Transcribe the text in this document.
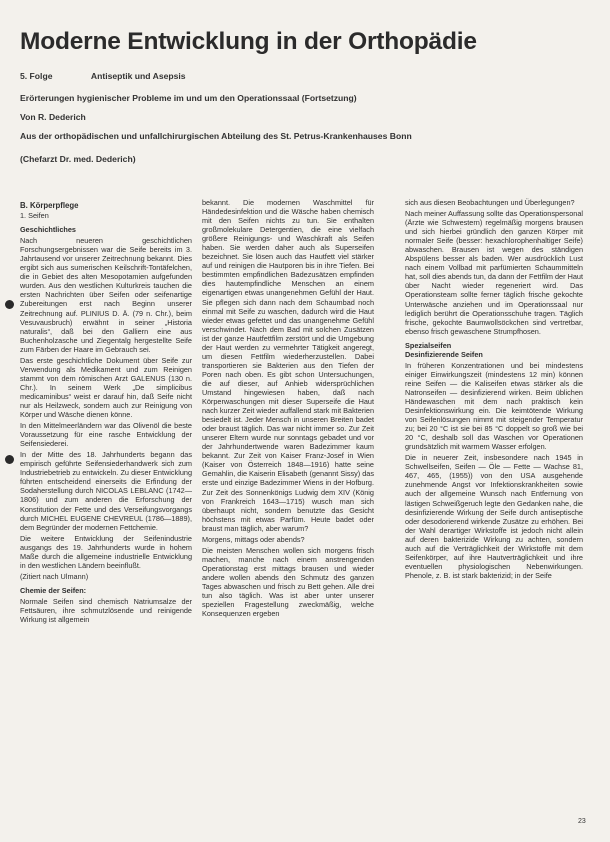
Moderne Entwicklung in der Orthopädie
5. Folge	Antiseptik und Asepsis
Erörterungen hygienischer Probleme im und um den Operationssaal (Fortsetzung)
Von R. Dederich
Aus der orthopädischen und unfallchirurgischen Abteilung des St. Petrus-Krankenhauses Bonn
(Chefarzt Dr. med. Dederich)
B. Körperpflege
1. Seifen
Geschichtliches

Nach neueren geschichtlichen Forschungsergebnissen war die Seife bereits im 3. Jahrtausend vor unserer Zeitrechnung bekannt. Dies ergibt sich aus sumerischen Keilschrift-Tontäfelchen, die in Gebiet des alten Mesopotamien aufgefunden wurden. Aus den westlichen Kulturkreis tauchen die ersten Nachrichten über Seifen oder seifenartige Zubereitungen erst nach Beginn unserer Zeitrechnung auf. PLINIUS D. Ä. (79 n. Chr.), beim Vesuvausbruch) erwähnt in seiner „Historia naturalis“, daß bei den Galliern eine aus Buchenholzasche und Ziegentalg hergestellte Seife zum Färben der Haare im Gebrauch sei.

Das erste geschichtliche Dokument über Seife zur Verwendung als Medikament und zum Reinigen stammt von dem römischen Arzt GALENUS (130 n. Chr.). In seinem Werk „De simplicibus medicaminibus“ weist er darauf hin, daß Seife nicht nur als Heilzweck, sondern auch zur Reinigung von Körper und Wäsche dienen könne.

In den Mittelmeerländern war das Olivenöl die beste Voraussetzung für eine rasche Entwicklung der Seifensiederei.

In der Mitte des 18. Jahrhunderts begann das empirisch geführte Seifensiederhandwerk sich zum Industriebetrieb zu entwickeln. Zu dieser Entwicklung führten entscheidend einerseits die Erfindung der Sodaherstellung durch NICOLAS LEBLANC (1742—1806) und zum anderen die Erforschung der Konstitution der Fette und des Verseifungsvorgangs durch MICHEL EUGENE CHEVREUL (1786—1889), dem Begründer der modernen Fettchemie.

Die weitere Entwicklung der Seifenindustrie ausgangs des 19. Jahrhunderts wurde in hohem Maße durch die allgemeine industrielle Entwicklung in den westlichen Ländern beeinflußt.

(Zitiert nach Ulmann)

Chemie der Seifen:

Normale Seifen sind chemisch Natriumsalze der Fettsäuren, ihre schmutzlösende und reinigende Wirkung ist allgemein

bekannt. Die modernen Waschmittel für Händedesinfektion und die Wäsche haben chemisch mit den Seifen nichts zu tun. Sie enthalten großmolekulare Detergentien, die eine vielfach größere Reinigungs- und Waschkraft als Seifen haben. Sie werden daher auch als Superseifen bezeichnet. Sie lösen auch das Hautfett viel stärker auf und reinigen die Hautporen bis in ihre Tiefen. Bei bestimmten empfindlichen Badezusätzen empfinden dies hautempfindliche Menschen an einem eigenartigen etwas unangenehmen Gefühl der Haut. Sie pflegen sich dann nach dem Schaumbad noch einmal mit Seife zu waschen, dadurch wird die Haut wieder etwas gefettet und das unangenehme Gefühl verschwindet. Nach dem Bad mit solchen Zusätzen ist der ganze Hautfettfilm zerstört und die Umgebung der Haut werden zu vermehrter Tätigkeit angeregt, um diesen Fettfilm wiederherzustellen. Dabei transportieren sie Bakterien aus den Tiefen der Poren nach oben. Es gibt schon Untersuchungen, die auf dieser, auf Anhieb widersprüchlichen Umstand hingewiesen haben, daß nach Körperwaschungen mit dieser Superseife die Haut nach kurzer Zeit wieder auffallend stark mit Bakterien besiedelt ist. Jeder Mensch in unseren Breiten badet oder braust täglich. Das war nicht immer so. Zur Zeit unserer Eltern wurde nur sonntags gebadet und vor der Jahrhundertwende waren Badezimmer kaum bekannt. Zur Zeit von Kaiser Franz-Josef in Wien (Kaiser von Österreich 1848—1916) hatte seine Gemahlin, die Kaiserin Elisabeth (genannt Sissy) das erste und einzige Badezimmer Wiens in der Hofburg. Zur Zeit des Sonnenkönigs Ludwig dem XIV (König von Frankreich 1643—1715) wusch man sich überhaupt nicht, sondern benutzte das Gesicht höchstens mit etwas Parfüm. Heute badet oder braust man täglich, aber warum?

Morgens, mittags oder abends?

Die meisten Menschen wollen sich morgens frisch machen, manche nach einem anstrengenden Operationstag erst mittags brausen und wieder andere wollen abends den Schmutz des ganzen Tages abwaschen und frisch zu Bett gehen. Alle drei tun also täglich. Was ist aber unter unserer speziellen Fragestellung zweckmäßig, welche Konsequenzen ergeben

sich aus diesen Beobachtungen und Überlegungen?

Nach meiner Auffassung sollte das Operationspersonal (Ärzte wie Schwestern) regelmäßig morgens brausen und sich hierbei gründlich den ganzen Körper mit normaler Seife (besser: hexachlorophenhaltiger Seife) abwaschen. Brausen ist wegen des ständigen Abspülens besser als baden. Wer ausdrücklich Lust nach einem Vollbad mit parfümierten Schaummitteln hat, soll dies abends tun, da dann der Fettfilm der Haut über Nacht wieder regeneriert wird. Das Operationsteam sollte ferner täglich frische gekochte Unterwäsche anziehen und im Operationssaal nur lediglich berührt die Operationsschuhe tragen. Täglich frische, gekochte Baumwollsöckchen sind vertretbar, ebenso frisch gewaschene Strumpfhosen.

Spezialseifen
Desinfizierende Seifen

In früheren Konzentrationen und bei mindestens einiger Einwirkungszeit (mindestens 12 min) können reine Seifen — die Kaliseifen etwas stärker als die Natronseifen — desinfizierend wirken. Beim üblichen Händewaschen mit dem nach praktisch kein Desinfektionswirkung ein. Die keimtötende Wirkung von Seifenlösungen nimmt mit steigender Temperatur zu; bei 20 °C ist sie bei 85 °C doppelt so groß wie bei 20 °C, deshalb soll das Waschen vor Operationen grundsätzlich mit warmem Wasser erfolgen.

Die in neuerer Zeit, insbesondere nach 1945 in Schwellseifen, Seifen — Öle — Fette — Wachse 81, 467, 465, (1955)) von den USA ausgehende zunehmende Angst vor Infektionskrankheiten sowie auch der allgemeine Wunsch nach Entfernung von lästigen Schweißgeruch legte den Gedanken nahe, die desinfizierende Wirkung der Seife durch antiseptische oder desodorierend wirkende Zusätze zu erhöhen. Bei der Wahl derartiger Wirkstoffe ist jedoch nicht allein auf deren bakterizide Wirkung zu achten, sondern auch auf die Verträglichkeit der Wirkstoffe mit dem Seifenkörper, auf ihre Hautverträglichkeit und ihre eventuellen physiologischen Nebenwirkungen. Phenole, z. B. ist stark bakterizid; in der Seife

23
